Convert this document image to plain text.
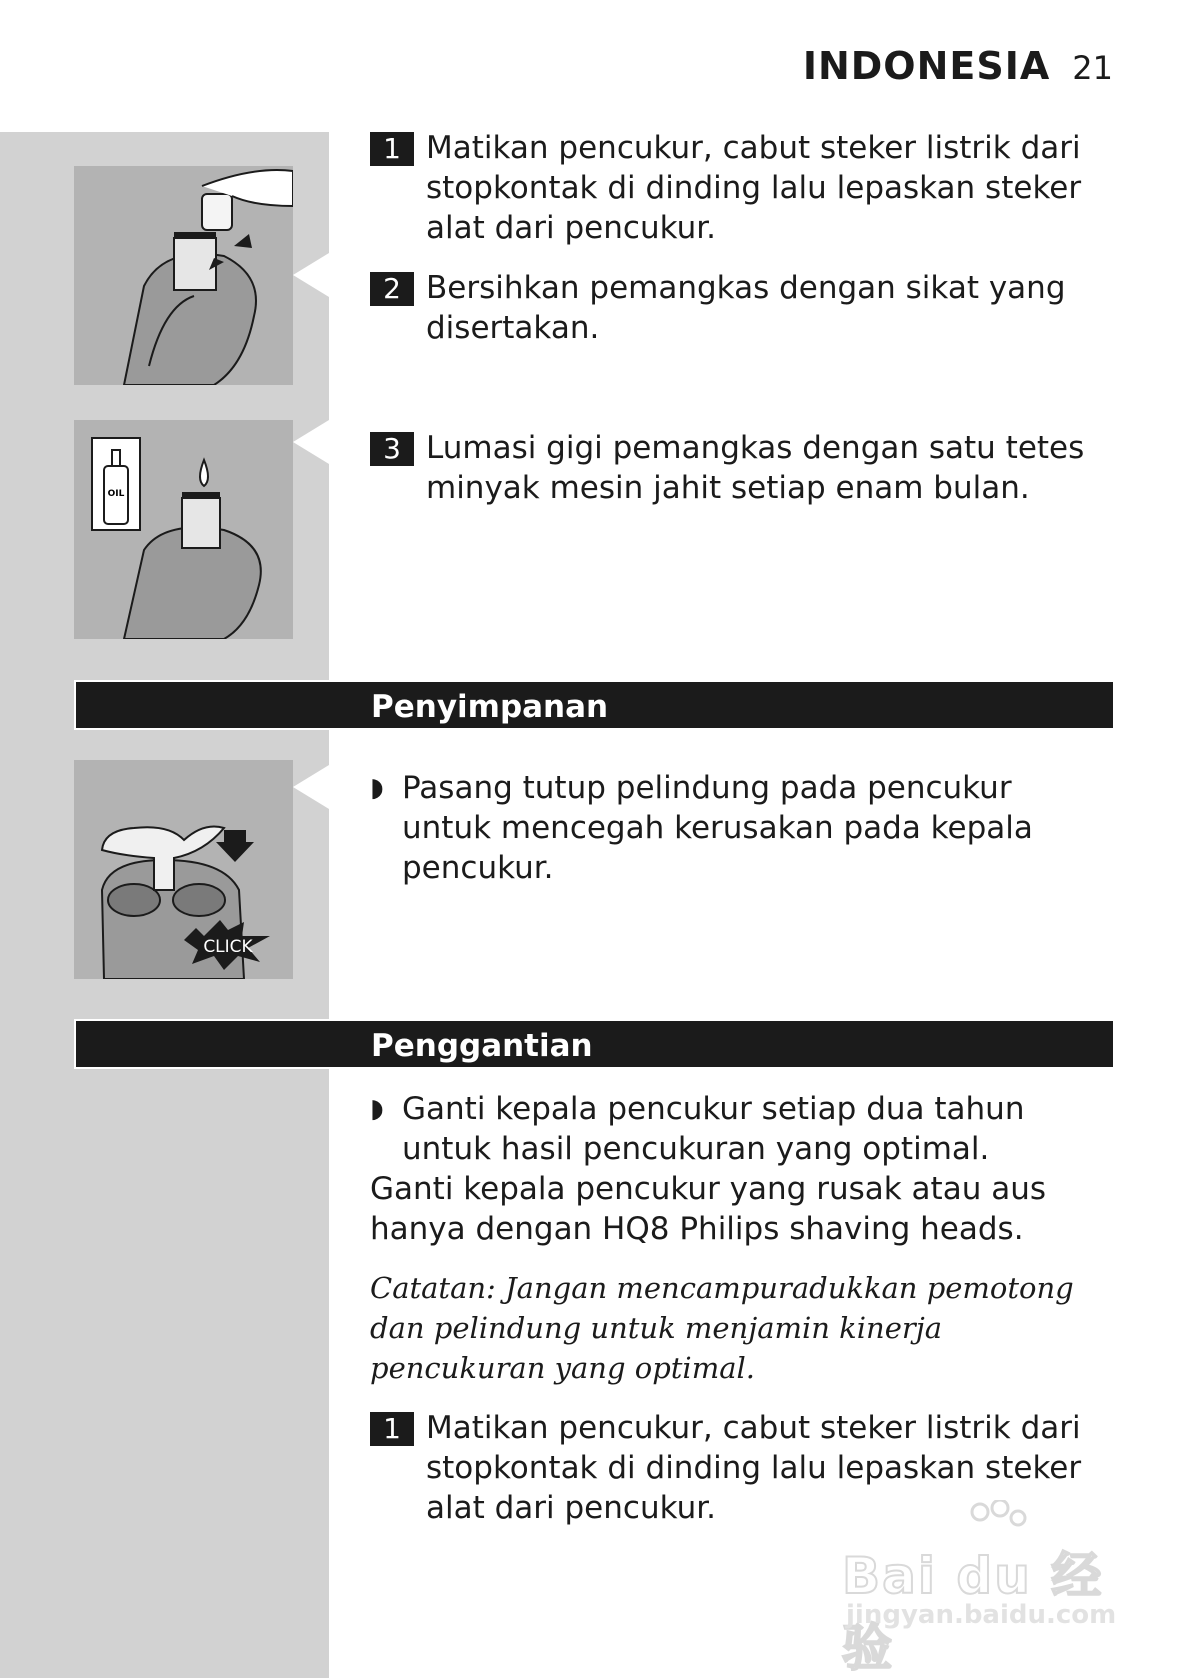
INDONESIA 21
OIL
1 Matikan pencukur, cabut steker listrik dari stopkontak di dinding lalu lepaskan steker alat dari pencukur.
2 Bersihkan pemangkas dengan sikat yang disertakan.
3 Lumasi gigi pemangkas dengan satu tetes minyak mesin jahit setiap enam bulan.
Penyimpanan
CLICK
◗ Pasang tutup pelindung pada pencukur untuk mencegah kerusakan pada kepala pencukur.
Penggantian
◗ Ganti kepala pencukur setiap dua tahun untuk hasil pencukuran yang optimal.
Ganti kepala pencukur yang rusak atau aus hanya dengan HQ8 Philips shaving heads.
Catatan: Jangan mencampuradukkan pemotong dan pelindung untuk menjamin kinerja pencukuran yang optimal.
1 Matikan pencukur, cabut steker listrik dari stopkontak di dinding lalu lepaskan steker alat dari pencukur.
Bai du 经验
jingyan.baidu.com
